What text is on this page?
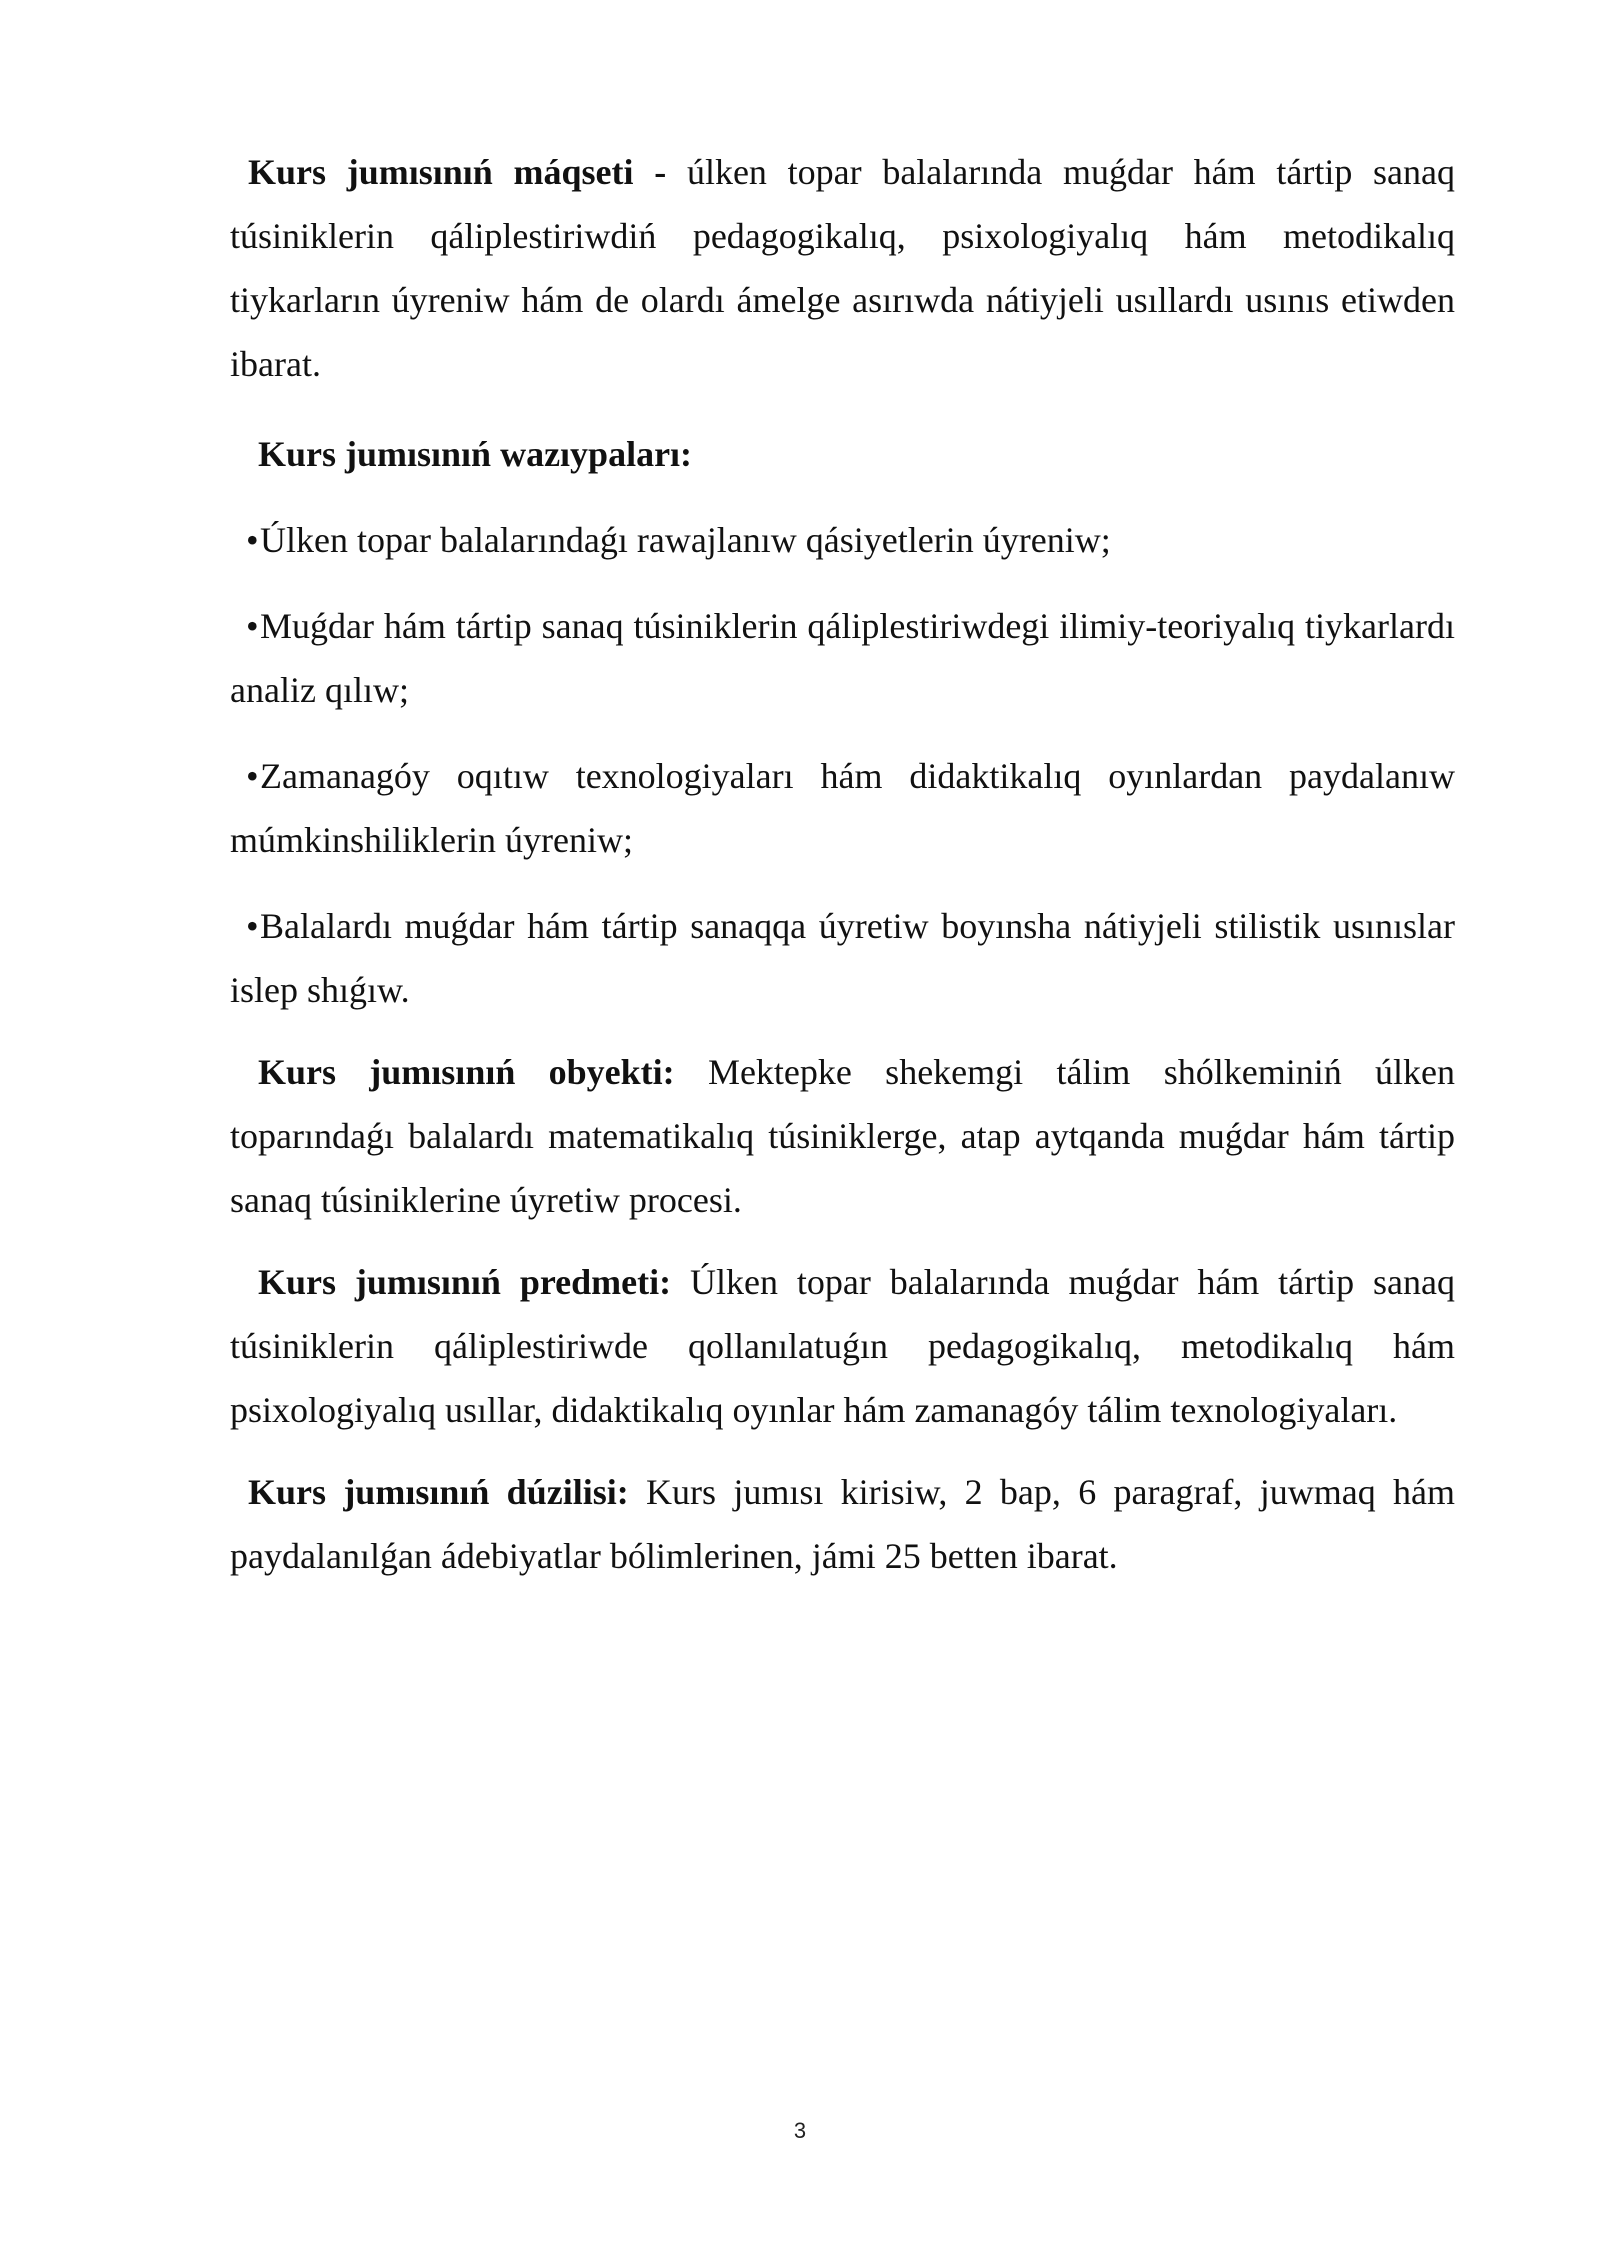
Kurs jumısınıń máqseti - úlken topar balalarında muǵdar hám tártip sanaq túsiniklerin qáliplestiriwdiń pedagogikalıq, psixologiyalıq hám metodikalıq tiykarların úyreniw hám de olardı ámelge asırıwda nátiyjeli usıllardı usınıs etiwden ibarat.

Kurs jumısınıń wazıypaları:

•Úlken topar balalarındaǵı rawajlanıw qásiyetlerin úyreniw;

•Muǵdar hám tártip sanaq túsiniklerin qáliplestiriwdegi ilimiy-teoriyalıq tiykarlardı analiz qılıw;

•Zamanagóy oqıtıw texnologiyaları hám didaktikalıq oyınlardan paydalanıw múmkinshiliklerin úyreniw;

•Balalardı muǵdar hám tártip sanaqqa úyretiw boyınsha nátiyjeli stilistik usınıslar islep shıǵıw.

Kurs jumısınıń obyekti: Mektepke shekemgi tálim shólkeminiń úlken toparındaǵı balalardı matematikalıq túsiniklerge, atap aytqanda muǵdar hám tártip sanaq túsiniklerine úyretiw procesi.

Kurs jumısınıń predmeti: Úlken topar balalarında muǵdar hám tártip sanaq túsiniklerin qáliplestiriwde qollanılatuǵın pedagogikalıq, metodikalıq hám psixologiyalıq usıllar, didaktikalıq oyınlar hám zamanagóy tálim texnologiyaları.

Kurs jumısınıń dúzilisi: Kurs jumısı kirisiw, 2 bap, 6 paragraf, juwmaq hám paydalanılǵan ádebiyatlar bólimlerinen, jámi 25 betten ibarat.

3
